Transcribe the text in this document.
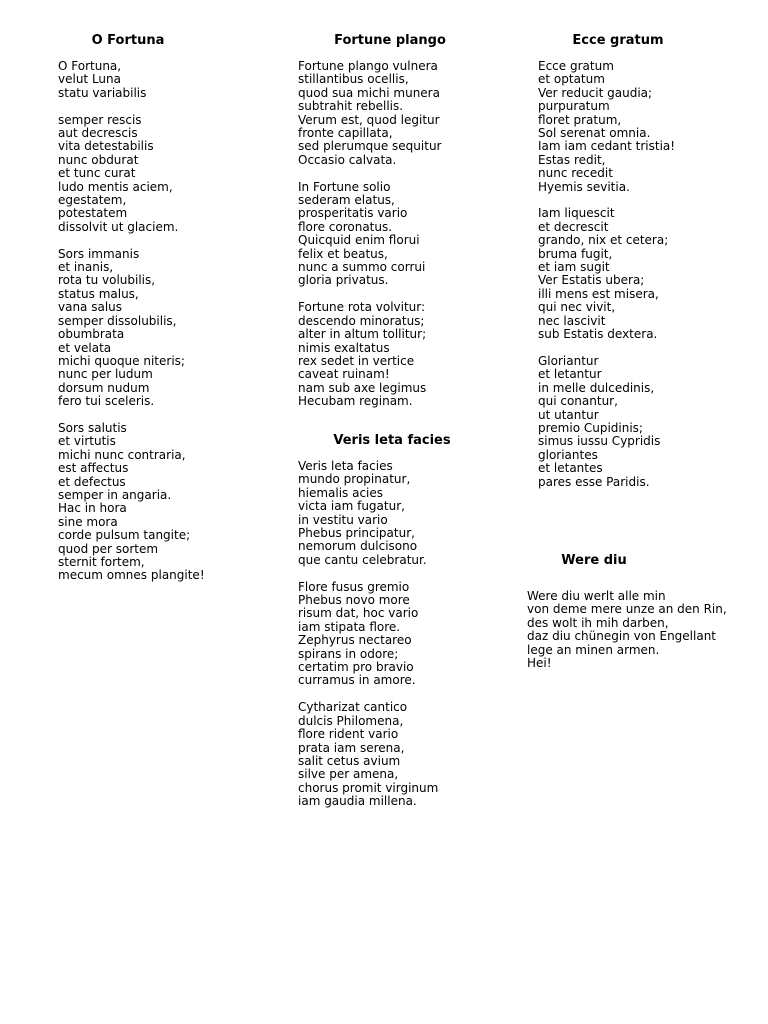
O Fortuna
O Fortuna,
velut Luna
statu variabilis
semper rescis
aut decrescis
vita detestabilis
nunc obdurat
et tunc curat
ludo mentis aciem,
egestatem,
potestatem
dissolvit ut glaciem.
Sors immanis
et inanis,
rota tu volubilis,
status malus,
vana salus
semper dissolubilis,
obumbrata
et velata
michi quoque niteris;
nunc per ludum
dorsum nudum
fero tui sceleris.
Sors salutis
et virtutis
michi nunc contraria,
est affectus
et defectus
semper in angaria.
Hac in hora
sine mora
corde pulsum tangite;
quod per sortem
sternit fortem,
mecum omnes plangite!
Fortune plango
Fortune plango vulnera
stillantibus ocellis,
quod sua michi munera
subtrahit rebellis.
Verum est, quod legitur
fronte capillata,
sed plerumque sequitur
Occasio calvata.
In Fortune solio
sederam elatus,
prosperitatis vario
flore coronatus.
Quicquid enim florui
felix et beatus,
nunc a summo corrui
gloria privatus.
Fortune rota volvitur:
descendo minoratus;
alter in altum tollitur;
nimis exaltatus
rex sedet in vertice
caveat ruinam!
nam sub axe legimus
Hecubam reginam.
Veris leta facies
Veris leta facies
mundo propinatur,
hiemalis acies
victa iam fugatur,
in vestitu vario
Phebus principatur,
nemorum dulcisono
que cantu celebratur.
Flore fusus gremio
Phebus novo more
risum dat, hoc vario
iam stipata flore.
Zephyrus nectareo
spirans in odore;
certatim pro bravio
curramus in amore.
Cytharizat cantico
dulcis Philomena,
flore rident vario
prata iam serena,
salit cetus avium
silve per amena,
chorus promit virginum
iam gaudia millena.
Ecce gratum
Ecce gratum
et optatum
Ver reducit gaudia;
purpuratum
floret pratum,
Sol serenat omnia.
Iam iam cedant tristia!
Estas redit,
nunc recedit
Hyemis sevitia.
Iam liquescit
et decrescit
grando, nix et cetera;
bruma fugit,
et iam sugit
Ver Estatis ubera;
illi mens est misera,
qui nec vivit,
nec lascivit
sub Estatis dextera.
Gloriantur
et letantur
in melle dulcedinis,
qui conantur,
ut utantur
premio Cupidinis;
simus iussu Cypridis
gloriantes
et letantes
pares esse Paridis.
Were diu
Were diu werlt alle min
von deme mere unze an den Rin,
des wolt ih mih darben,
daz diu chünegin von Engellant
lege an minen armen.
Hei!
